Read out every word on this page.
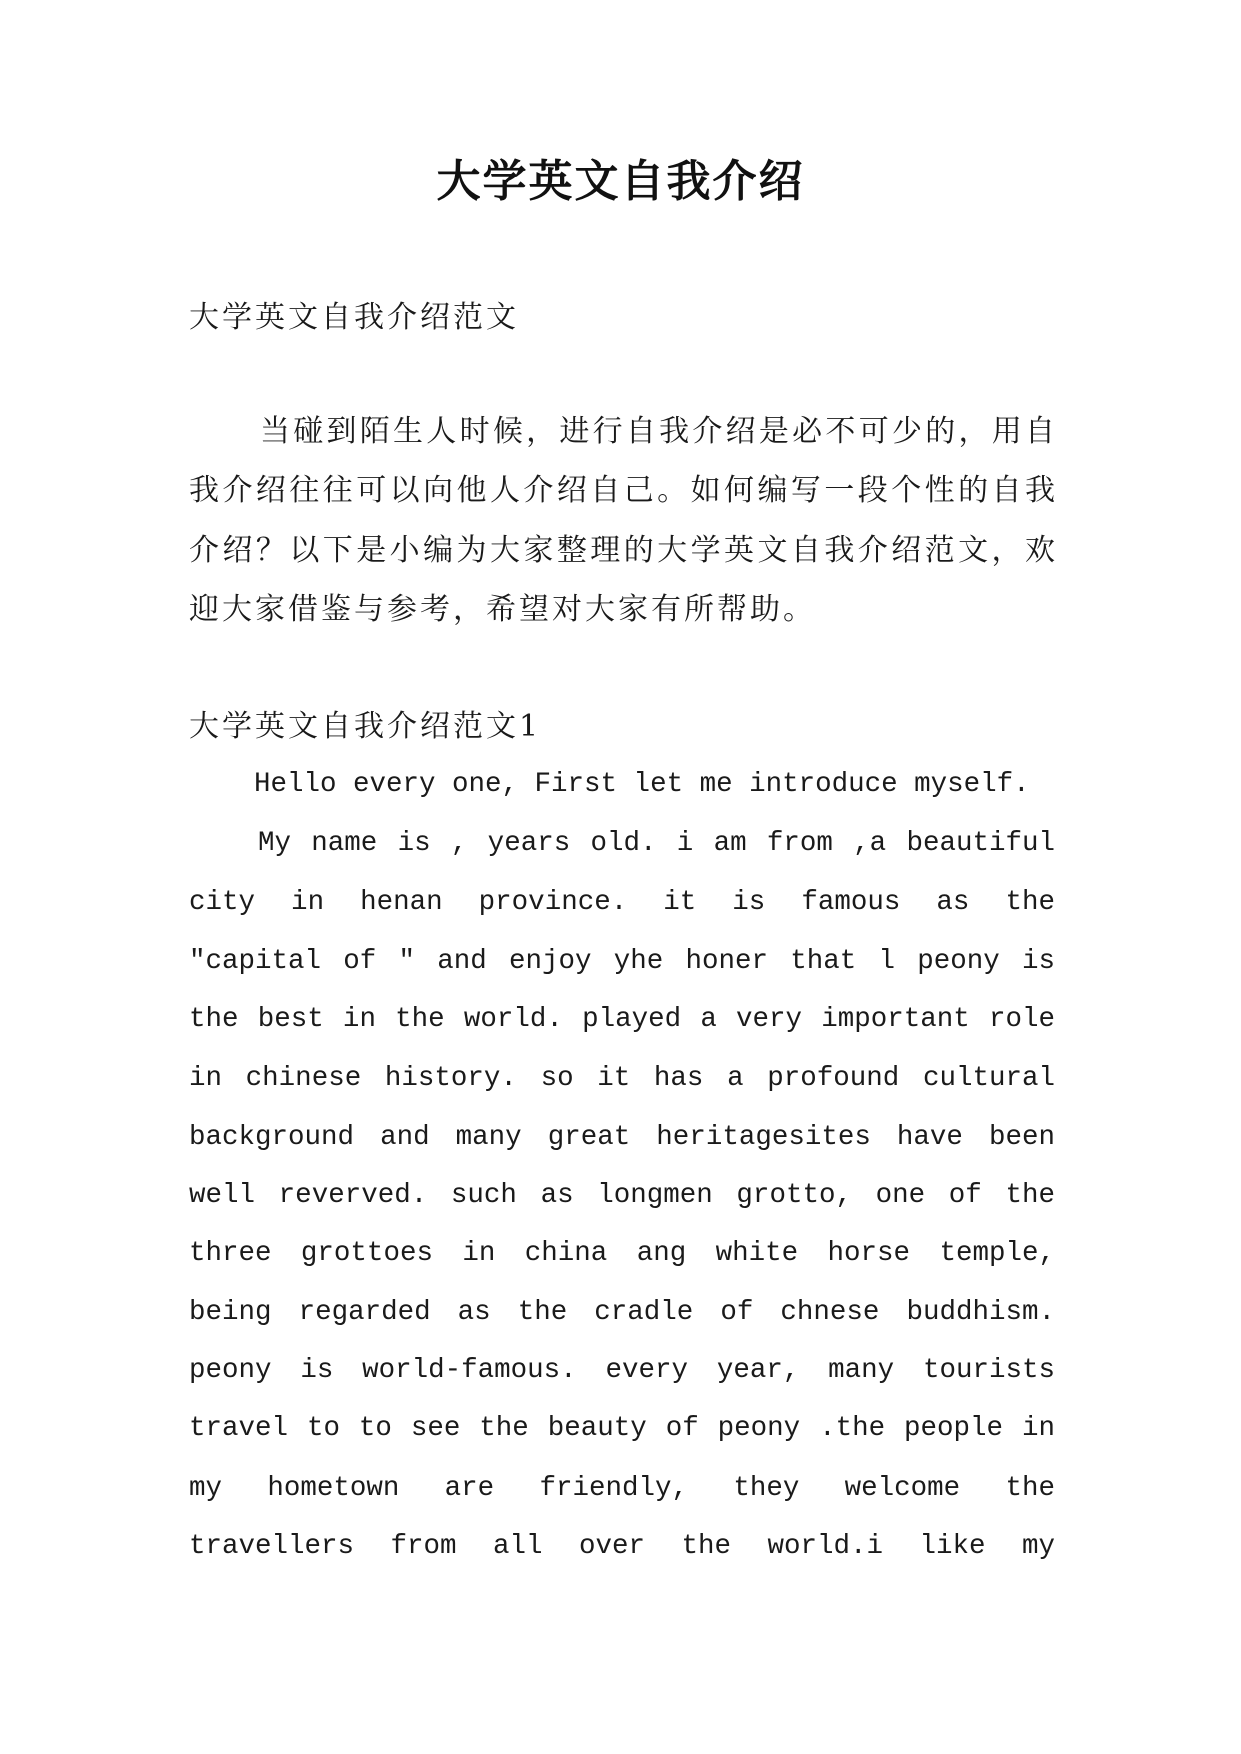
大学英文自我介绍
大学英文自我介绍范文
当碰到陌生人时候，进行自我介绍是必不可少的，用自
我介绍往往可以向他人介绍自己。如何编写一段个性的自我
介绍？以下是小编为大家整理的大学英文自我介绍范文，欢
迎大家借鉴与参考，希望对大家有所帮助。
大学英文自我介绍范文1
Hello every one, First let me introduce myself.
My name is , years old. i am from ,a beautiful
city in henan province. it is famous as the
"capital of " and enjoy yhe honer that l peony is
the best in the world. played a very important role
in chinese history. so it has a profound cultural
background and many great heritagesites have been
well reverved. such as longmen grotto, one of the
three grottoes in china ang white horse temple,
being regarded as the cradle of chnese buddhism.
peony is world-famous. every year, many tourists
travel to to see the beauty of peony .the people in
my hometown are friendly, they welcome the
travellers from all over the world.i like my
